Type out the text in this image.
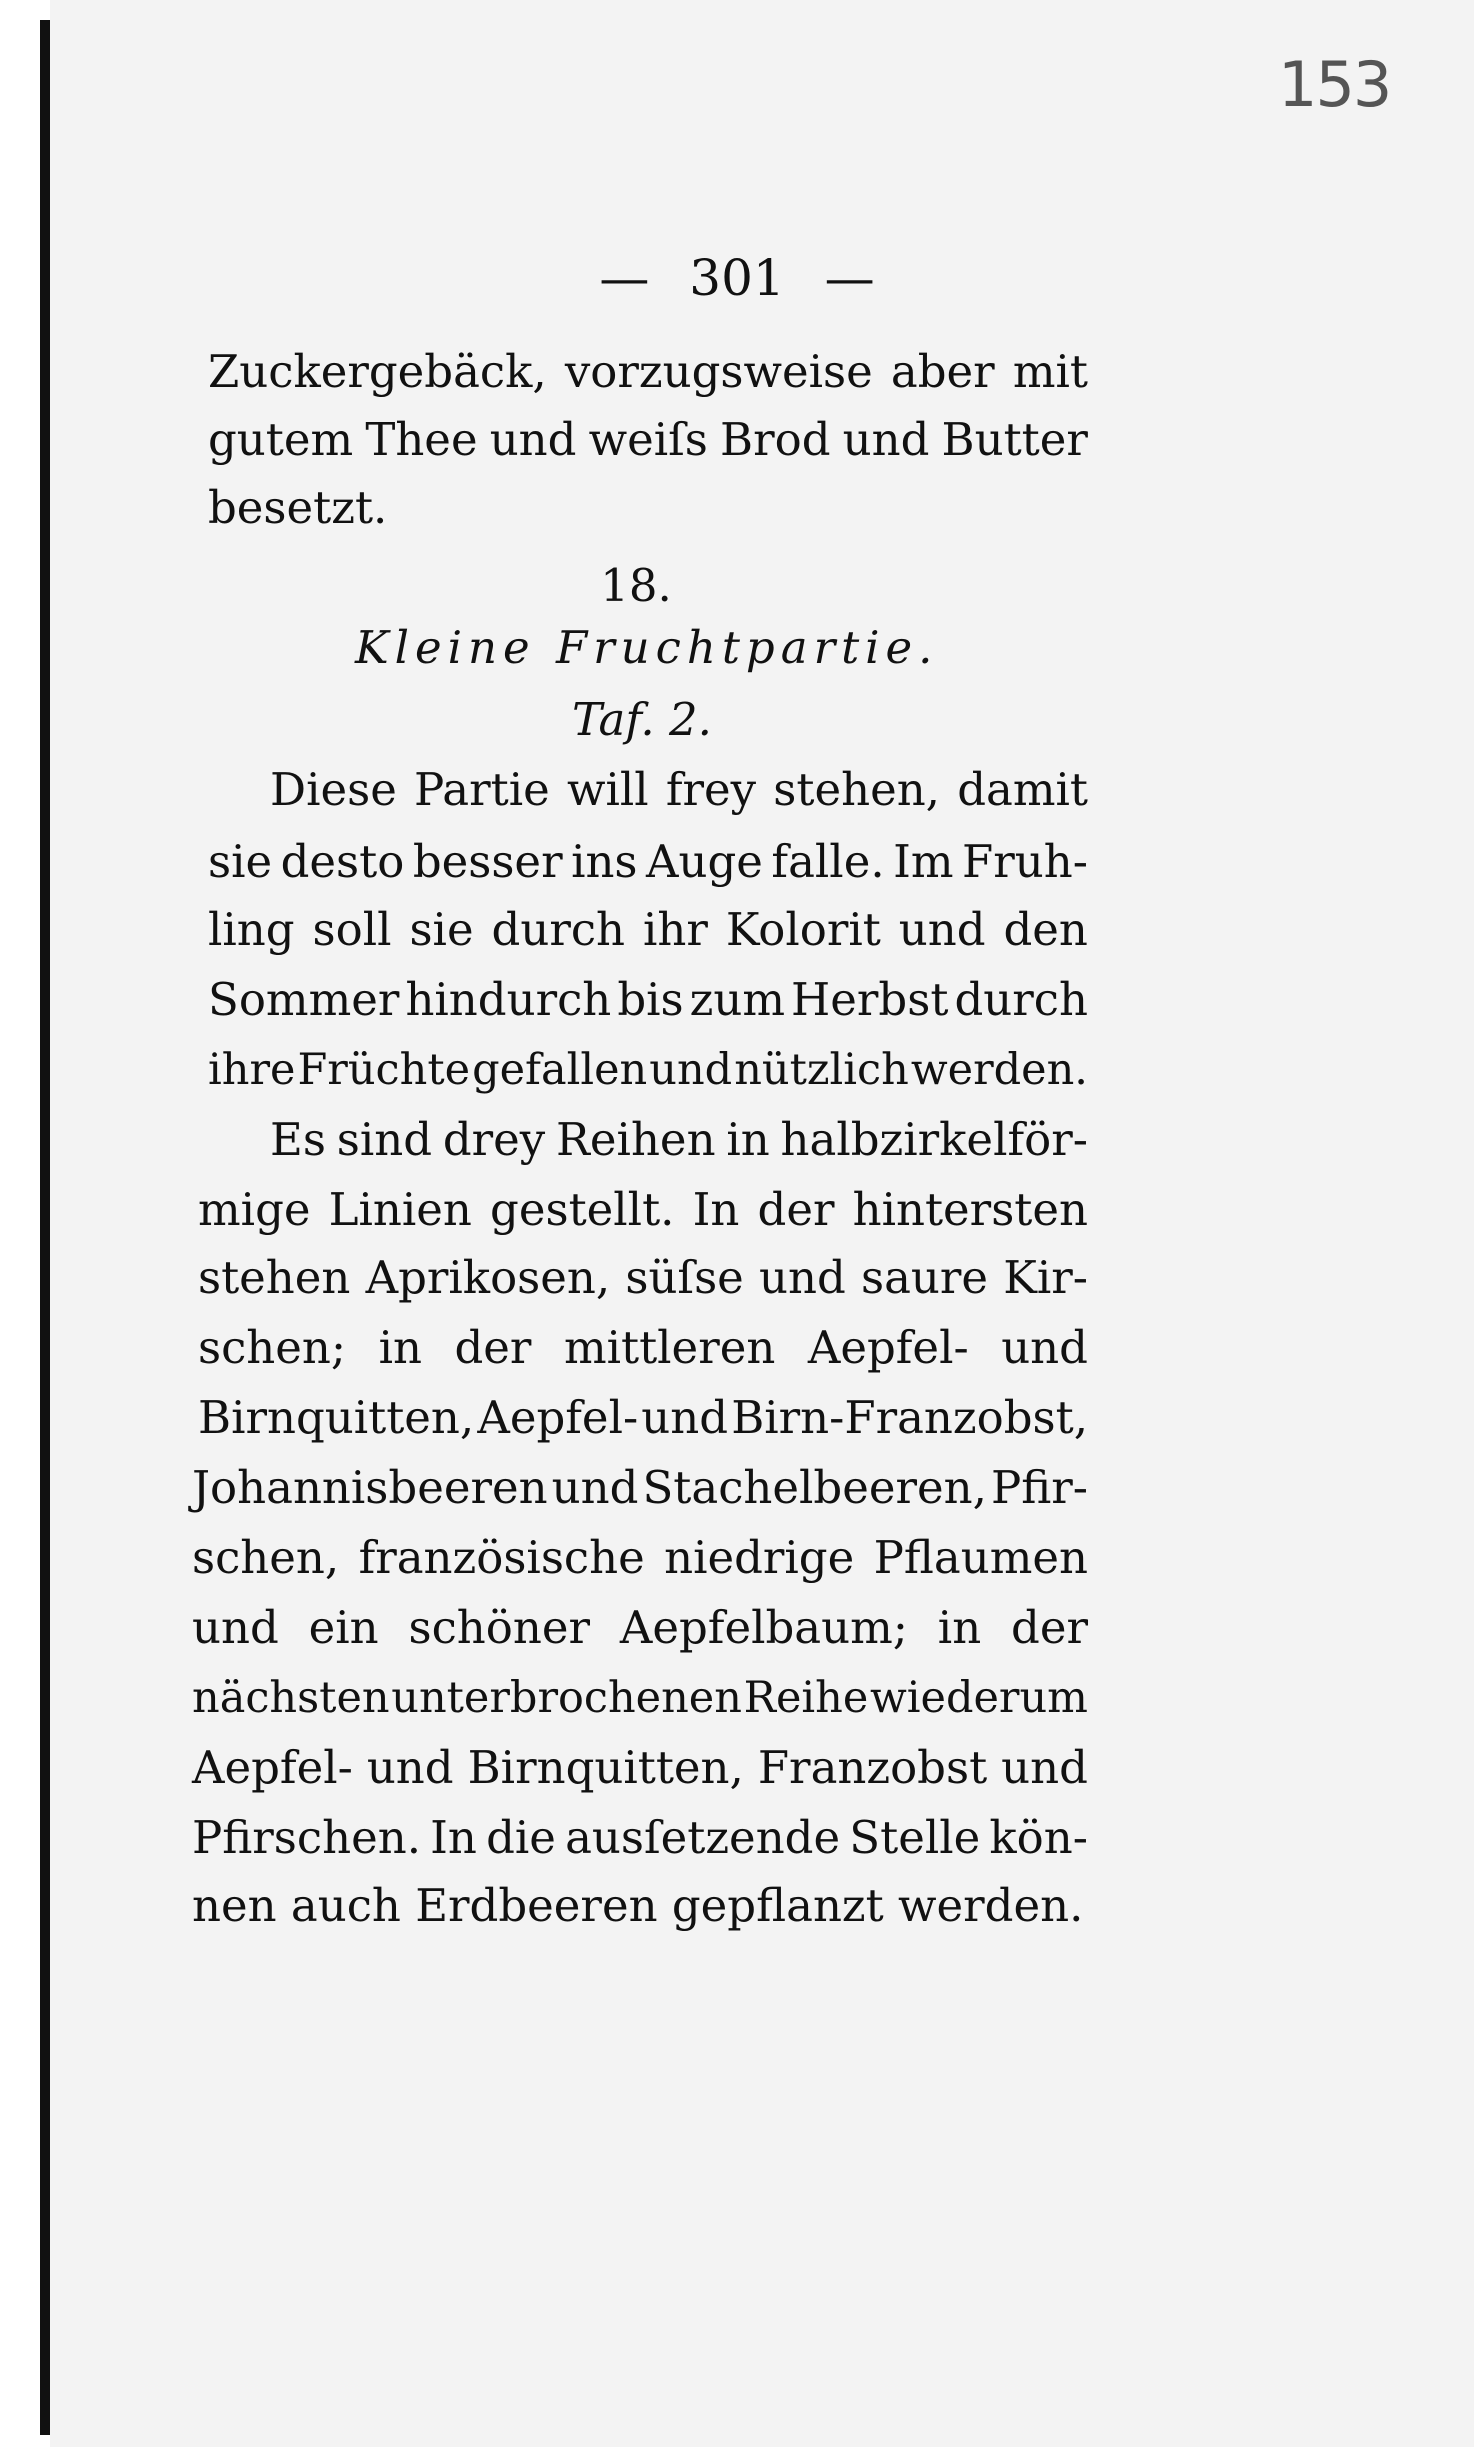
153
— 301 —
Zuckergebäck, vorzugsweise aber mit
gutem Thee und weiſs Brod und Butter
besetzt.
18.
Kleine Fruchtpartie.
Taf. 2.
Diese Partie will frey stehen, damit
sie desto besser ins Auge falle. Im Fruh-
ling soll sie durch ihr Kolorit und den
Sommer hindurch bis zum Herbst durch
ihre Früchte gefallen und nützlich werden.
Es sind drey Reihen in halbzirkelför-
mige Linien gestellt. In der hintersten
stehen Aprikosen, süſse und saure Kir-
schen; in der mittleren Aepfel- und
Birnquitten, Aepfel- und Birn-Franzobst,
Johannisbeeren und Stachelbeeren, Pfir-
schen, französische niedrige Pflaumen
und ein schöner Aepfelbaum; in der
nächsten unterbrochenen Reihe wiederum
Aepfel- und Birnquitten, Franzobst und
Pfirschen. In die ausſetzende Stelle kön-
nen auch Erdbeeren gepflanzt werden.
